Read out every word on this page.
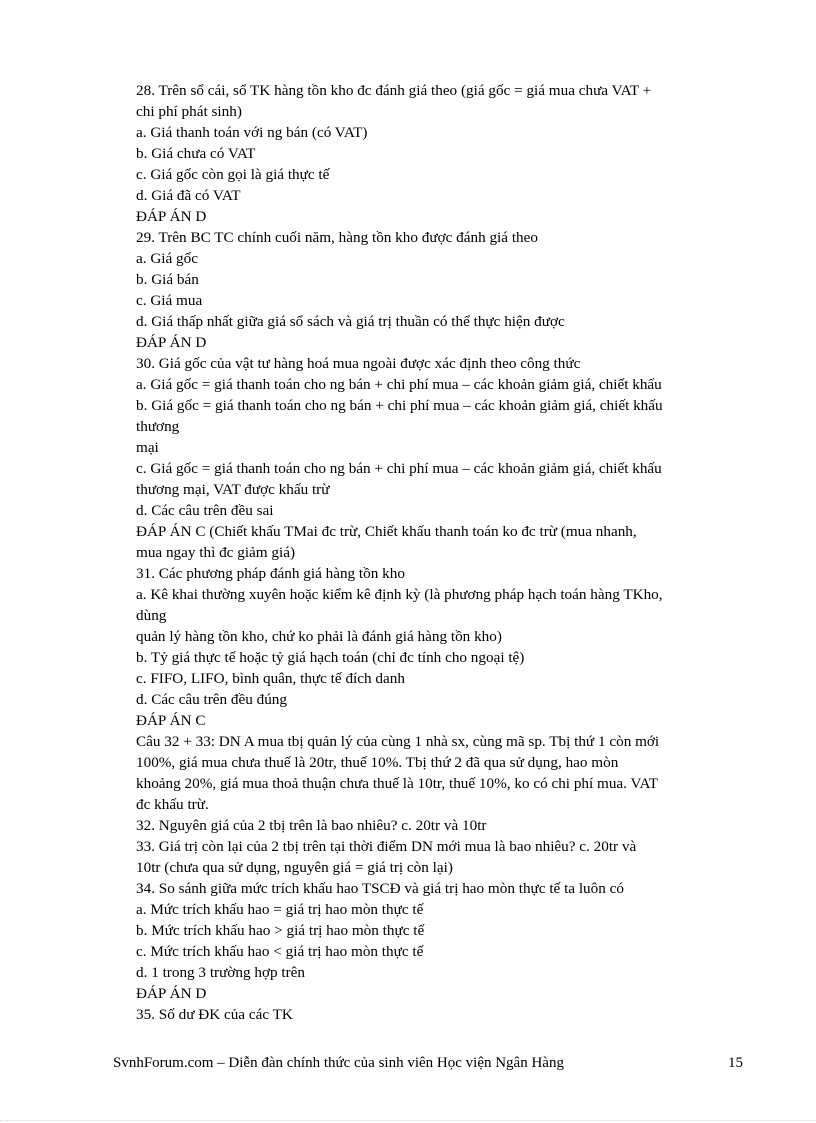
28. Trên sổ cái, sổ TK hàng tồn kho đc đánh giá theo (giá gốc = giá mua chưa VAT +
chi phí phát sinh)
a. Giá thanh toán với ng bán (có VAT)
b. Giá chưa có VAT
c. Giá gốc còn gọi là giá thực tế
d. Giá đã có VAT
ĐÁP ÁN D
29. Trên BC TC chính cuối năm, hàng tồn kho được đánh giá theo
a. Giá gốc
b. Giá bán
c. Giá mua
d. Giá thấp nhất giữa giá sổ sách và giá trị thuần có thể thực hiện được
ĐÁP ÁN D
30. Giá gốc của vật tư hàng hoá mua ngoài được xác định theo công thức
a. Giá gốc = giá thanh toán cho ng bán + chi phí mua – các khoản giảm giá, chiết khấu
b. Giá gốc = giá thanh toán cho ng bán + chi phí mua – các khoản giảm giá, chiết khấu
thương
mại
c. Giá gốc = giá thanh toán cho ng bán + chi phí mua – các khoản giảm giá, chiết khấu
thương mại, VAT được khấu trừ
d. Các câu trên đều sai
ĐÁP ÁN C (Chiết khấu TMai đc trừ, Chiết khấu thanh toán ko đc trừ (mua nhanh,
mua ngay thì đc giảm giá)
31. Các phương pháp đánh giá hàng tồn kho
a. Kê khai thường xuyên hoặc kiểm kê định kỳ (là phương pháp hạch toán hàng TKho,
dùng
quản lý hàng tồn kho, chứ ko phải là đánh giá hàng tồn kho)
b. Tỷ giá thực tế hoặc tỷ giá hạch toán (chỉ đc tính cho ngoại tệ)
c. FIFO, LIFO, bình quân, thực tế đích danh
d. Các câu trên đều đúng
ĐÁP ÁN C
Câu 32 + 33: DN A mua tbị quản lý của cùng 1 nhà sx, cùng mã sp. Tbị thứ 1 còn mới
100%, giá mua chưa thuế là 20tr, thuế 10%. Tbị thứ 2 đã qua sử dụng, hao mòn
khoảng 20%, giá mua thoả thuận chưa thuế là 10tr, thuế 10%, ko có chi phí mua. VAT
đc khấu trừ.
32. Nguyên giá của 2 tbị trên là bao nhiêu? c. 20tr và 10tr
33. Giá trị còn lại của 2 tbị trên tại thời điểm DN mới mua là bao nhiêu? c. 20tr và
10tr (chưa qua sử dụng, nguyên giá = giá trị còn lại)
34. So sánh giữa mức trích khấu hao TSCĐ và giá trị hao mòn thực tế ta luôn có
a. Mức trích khấu hao = giá trị hao mòn thực tế
b. Mức trích khấu hao > giá trị hao mòn thực tế
c. Mức trích khấu hao < giá trị hao mòn thực tế
d. 1 trong 3 trường hợp trên
ĐÁP ÁN D
35. Số dư ĐK của các TK
SvnhForum.com – Diễn đàn chính thức của sinh viên Học viện Ngân Hàng	15
